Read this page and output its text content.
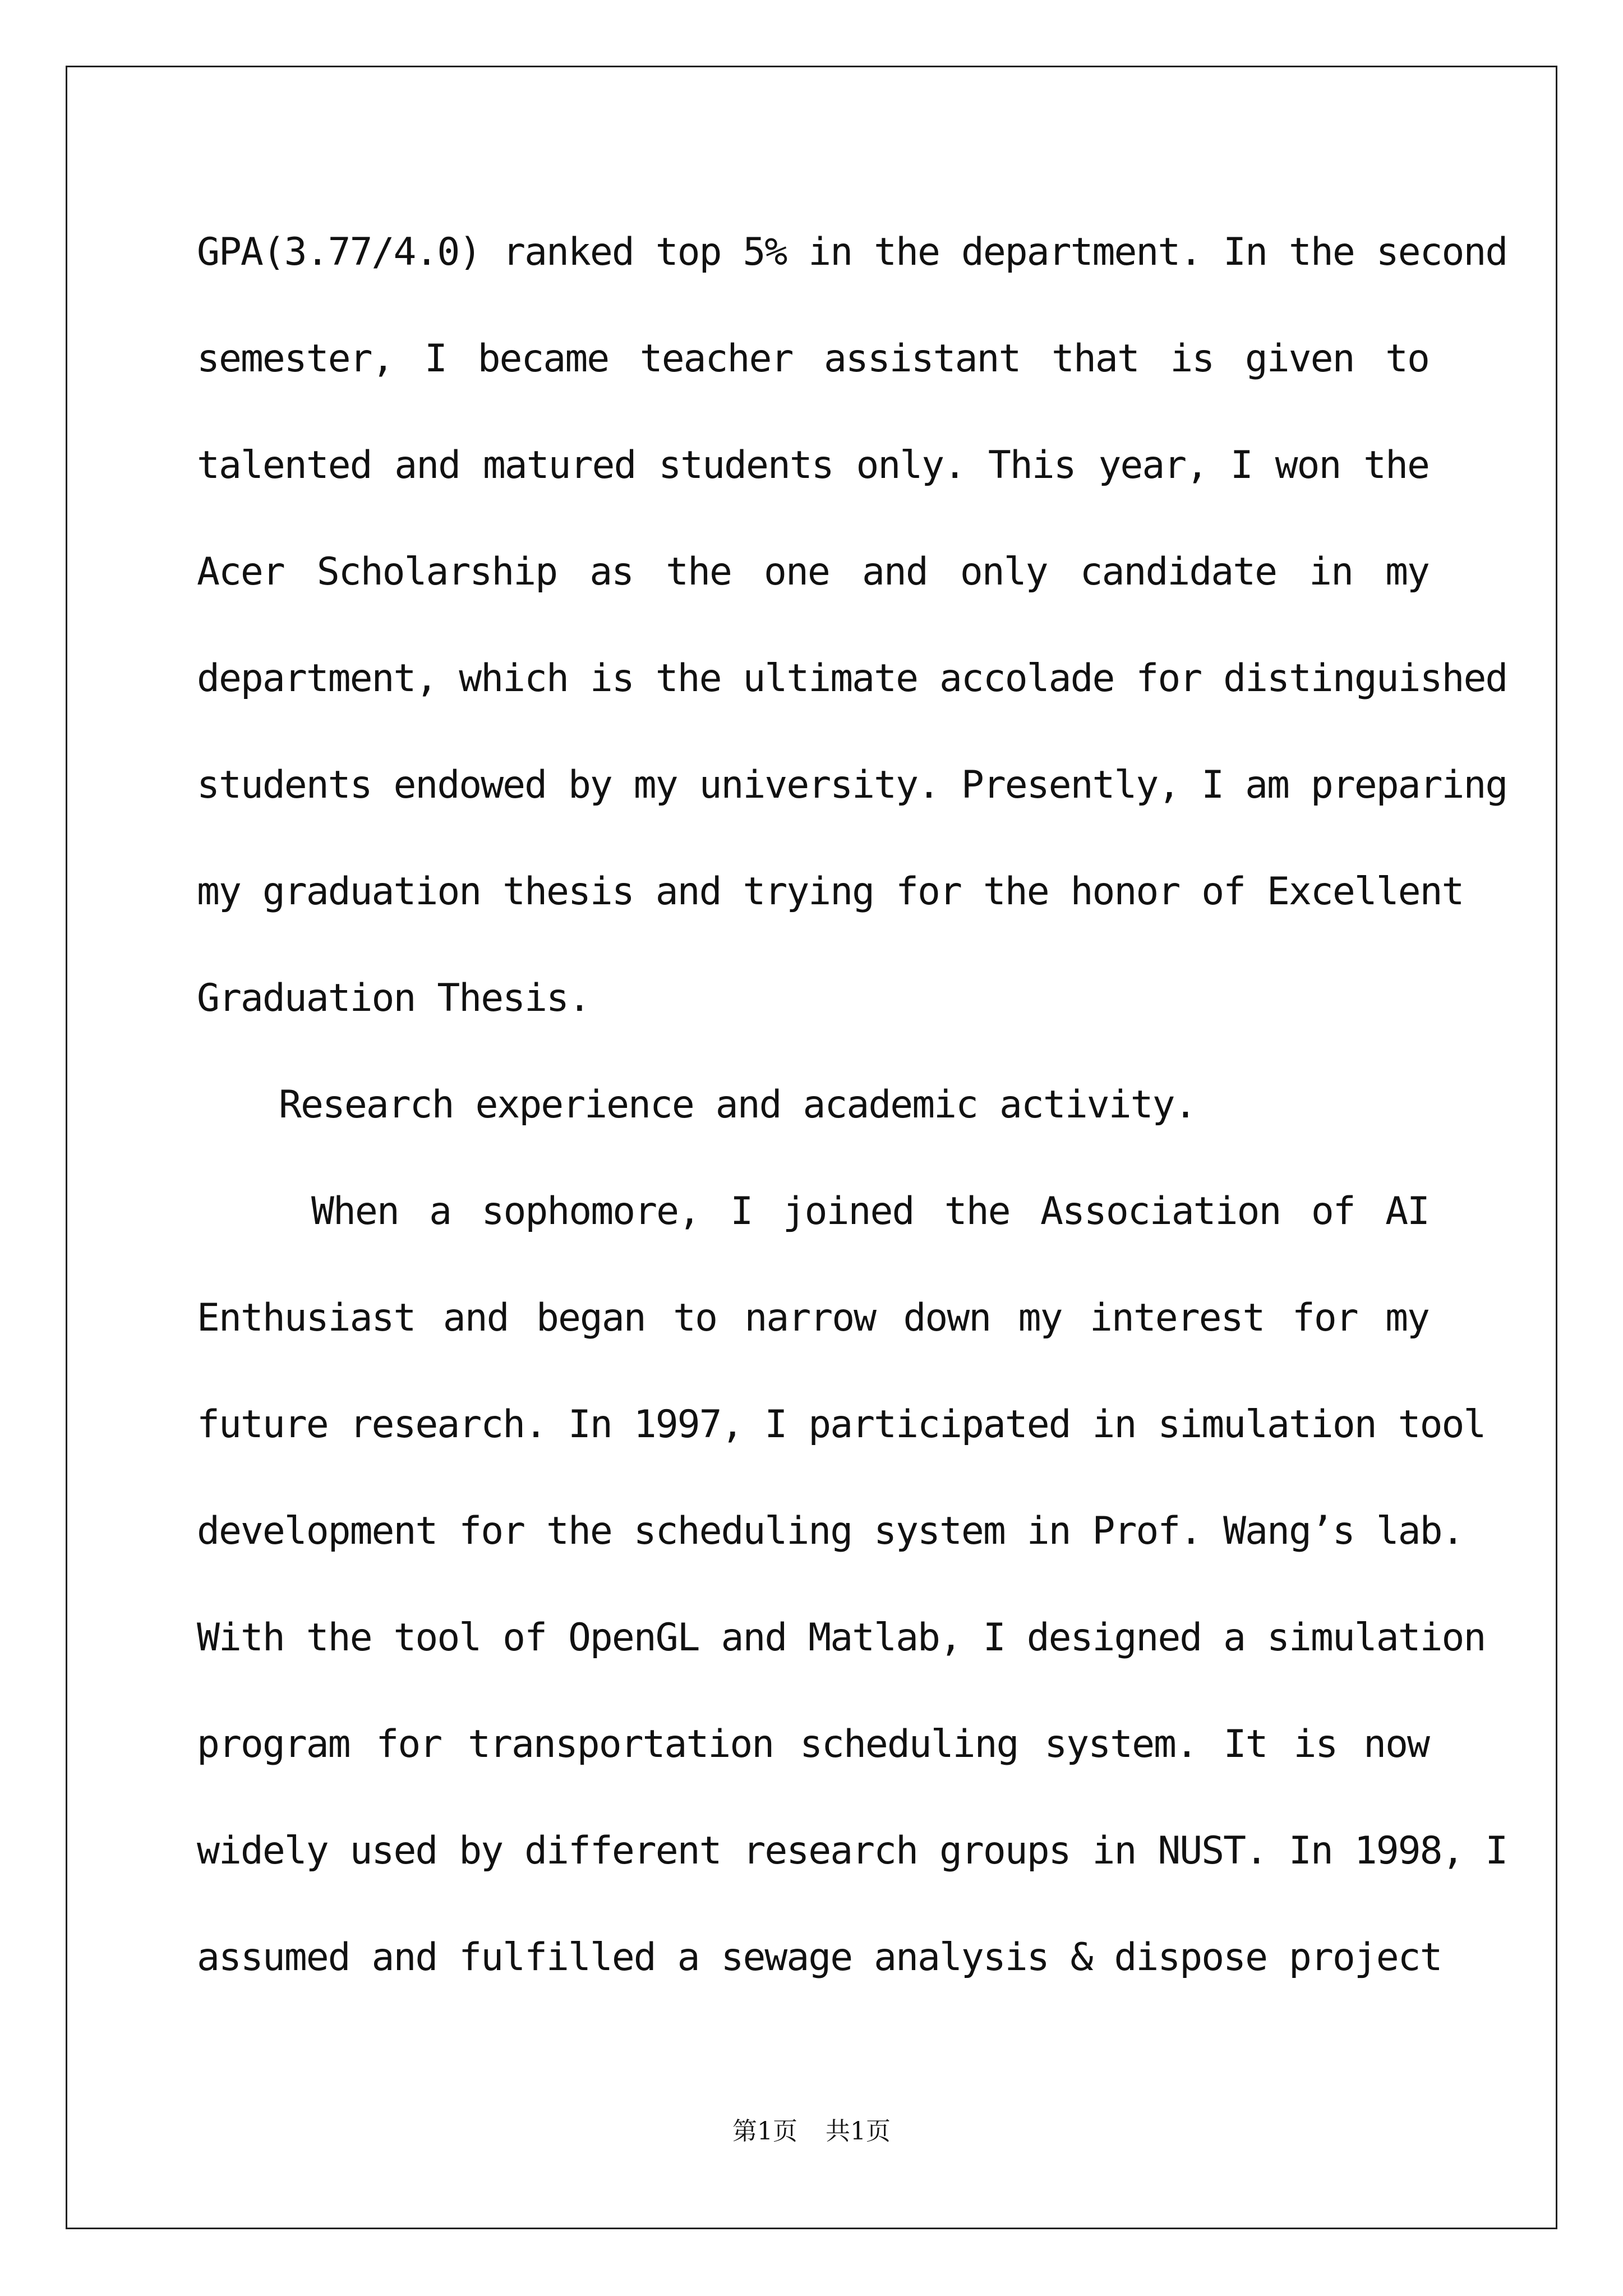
GPA(3.77/4.0) ranked top 5% in the department. In the second
semester, I became teacher assistant that is given to
talented and matured students only. This year, I won the
Acer Scholarship as the one and only candidate in my
department, which is the ultimate accolade for distinguished
students endowed by my university. Presently, I am preparing
my graduation thesis and trying for the honor of Excellent
Graduation Thesis.
Research experience and academic activity.
When a sophomore, I joined the Association of AI
Enthusiast and began to narrow down my interest for my
future research. In 1997, I participated in simulation tool
development for the scheduling system in Prof. Wang’s lab.
With the tool of OpenGL and Matlab, I designed a simulation
program for transportation scheduling system. It is now
widely used by different research groups in NUST. In 1998, I
assumed and fulfilled a sewage analysis & dispose project
第1页 共1页
